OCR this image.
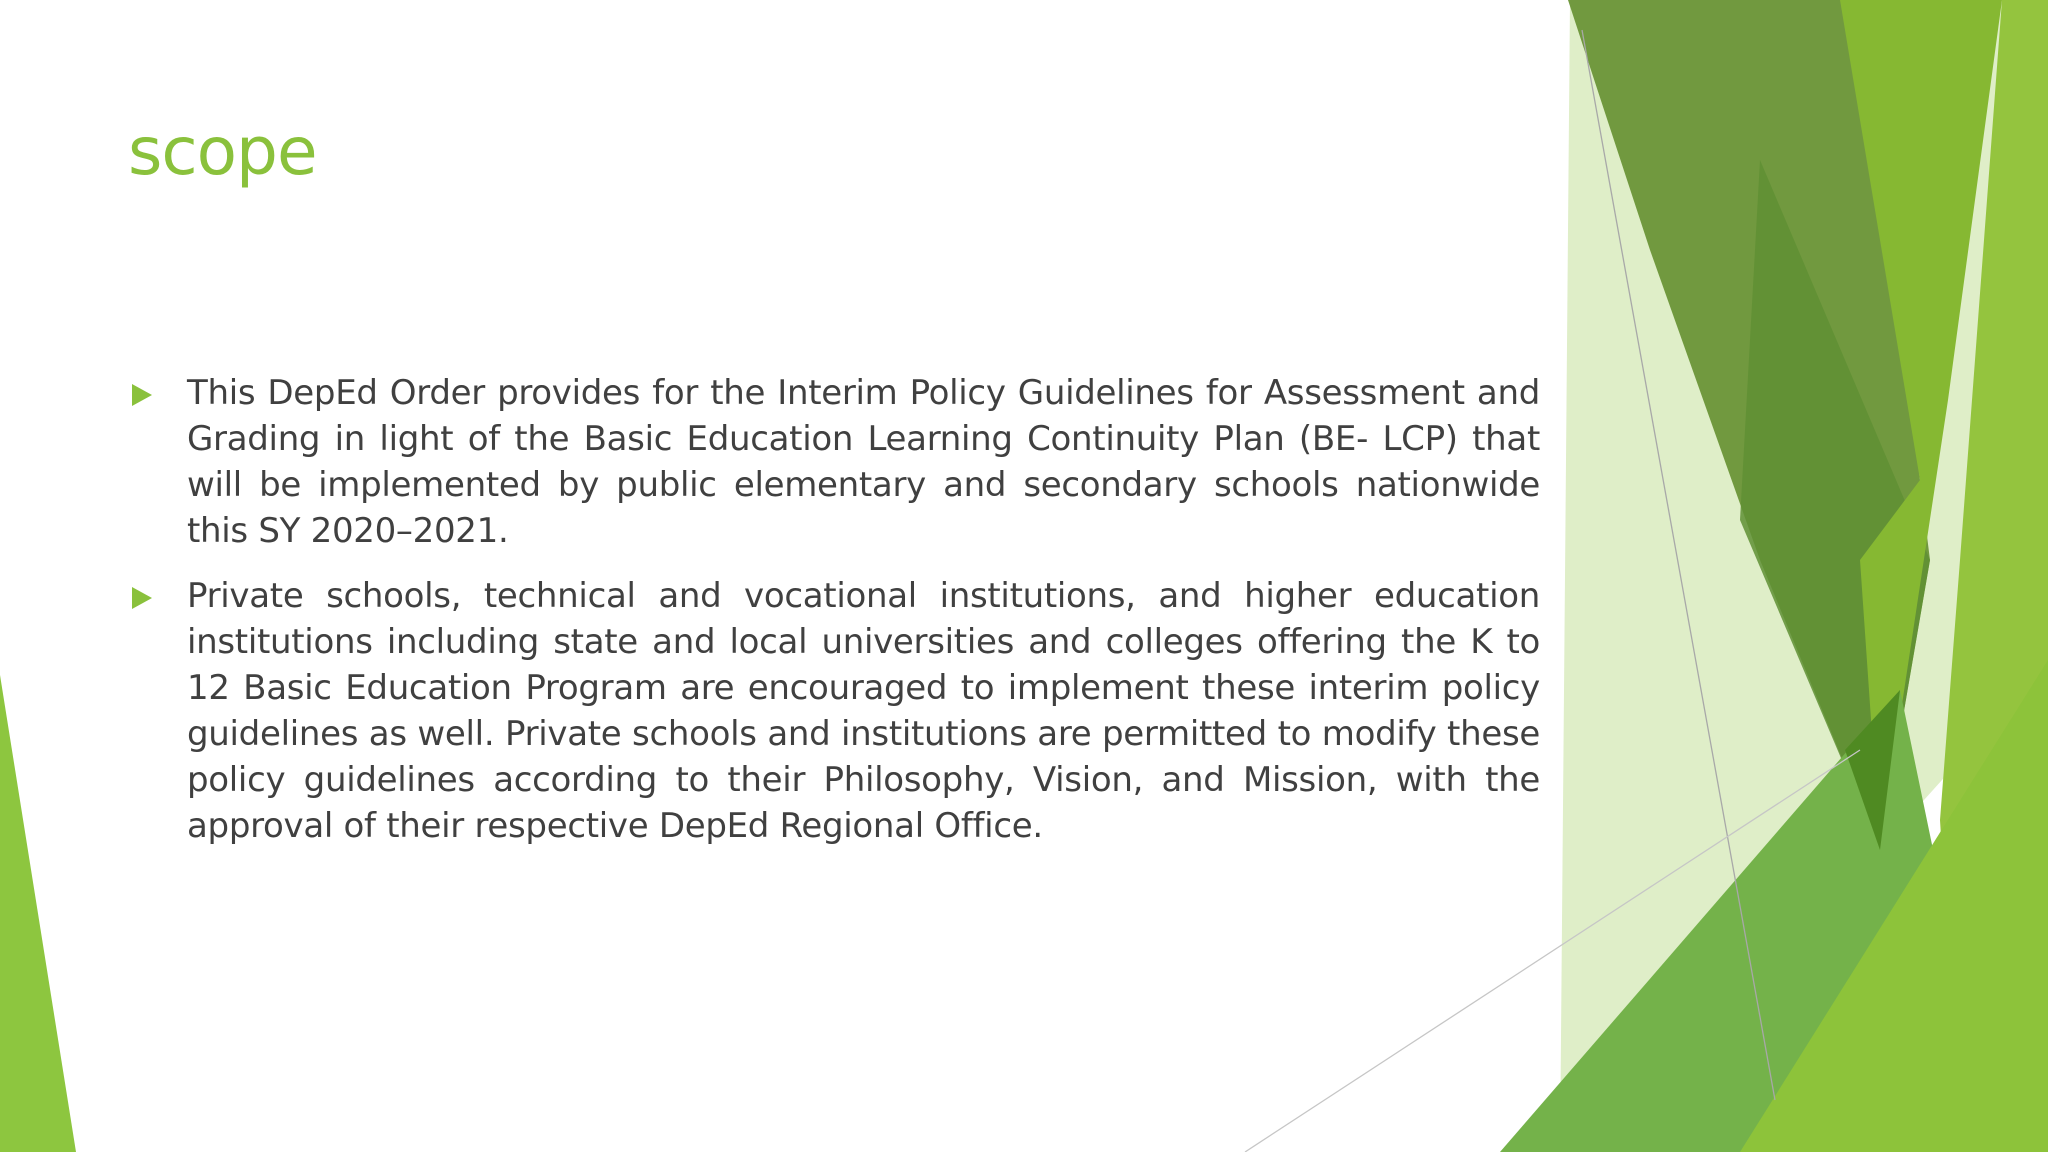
scope
This DepEd Order provides for the Interim Policy Guidelines for Assessment and Grading in light of the Basic Education Learning Continuity Plan (BE- LCP) that will be implemented by public elementary and secondary schools nationwide this SY 2020–2021.
Private schools, technical and vocational institutions, and higher education institutions including state and local universities and colleges offering the K to 12 Basic Education Program are encouraged to implement these interim policy guidelines as well. Private schools and institutions are permitted to modify these policy guidelines according to their Philosophy, Vision, and Mission, with the approval of their respective DepEd Regional Office.
